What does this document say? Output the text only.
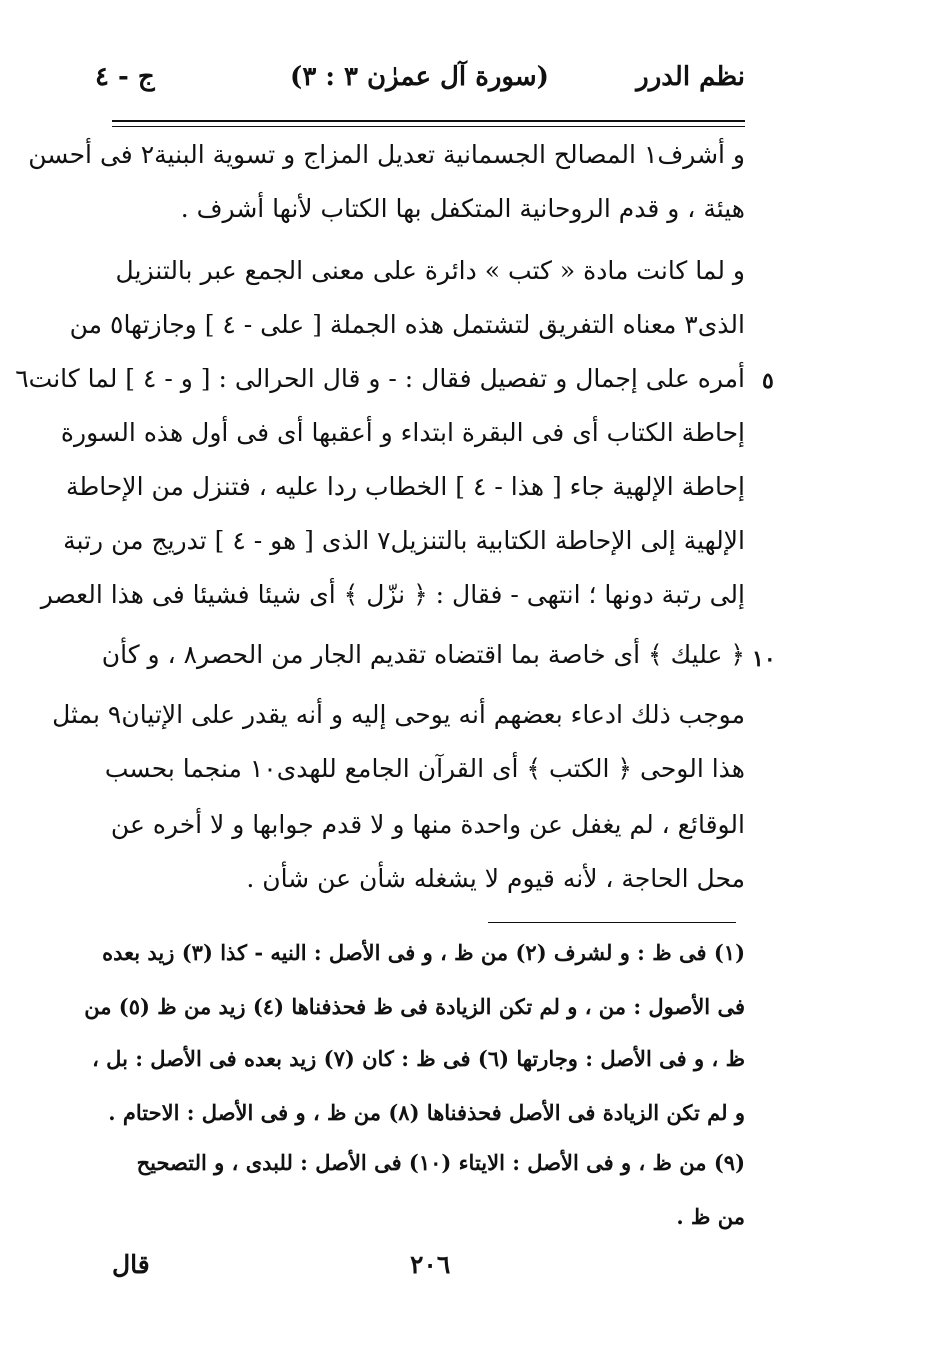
نظم الدرر
(سورة آل عمرٰن ٣ : ٣)
ج - ٤
و أشرف١ المصالح الجسمانية تعديل المزاج و تسوية البنية٢ فى أحسن
هيئة ، و قدم الروحانية المتكفل بها الكتاب لأنها أشرف .
و لما كانت مادة « كتب » دائرة على معنى الجمع عبر بالتنزيل
الذى٣ معناه التفريق لتشتمل هذه الجملة [ على - ٤ ] وجازتها٥ من
أمره على إجمال و تفصيل فقال : - و قال الحرالى : [ و - ٤ ] لما كانت٦
إحاطة الكتاب أى فى البقرة ابتداء و أعقبها أى فى أول هذه السورة
إحاطة الإلهية جاء [ هذا - ٤ ] الخطاب ردا عليه ، فتنزل من الإحاطة
الإلهية إلى الإحاطة الكتابية بالتنزيل٧ الذى [ هو - ٤ ] تدريج من رتبة
إلى رتبة دونها ؛ انتهى - فقال : ﴿ نزّل ﴾ أى شيئا فشيئا فى هذا العصر
﴿ عليك ﴾ أى خاصة بما اقتضاه تقديم الجار من الحصر٨ ، و كأن
موجب ذلك ادعاء بعضهم أنه يوحى إليه و أنه يقدر على الإتيان٩ بمثل
هذا الوحى ﴿ الكتب ﴾ أى القرآن الجامع للهدى١٠ منجما بحسب
الوقائع ، لم يغفل عن واحدة منها و لا قدم جوابها و لا أخره عن
محل الحاجة ، لأنه قيوم لا يشغله شأن عن شأن .
٥
١٠
(١) فى ظ : و لشرف (٢) من ظ ، و فى الأصل : النيه - كذا (٣) زيد بعده
فى الأصول : من ، و لم تكن الزيادة فى ظ فحذفناها (٤) زيد من ظ (٥) من
ظ ، و فى الأصل : وجارتها (٦) فى ظ : كان (٧) زيد بعده فى الأصل : بل ،
و لم تكن الزيادة فى الأصل فحذفناها (٨) من ظ ، و فى الأصل : الاحتام .
(٩) من ظ ، و فى الأصل : الايتاء (١٠) فى الأصل : للبدى ، و التصحيح
من ظ .
٢٠٦
قال
